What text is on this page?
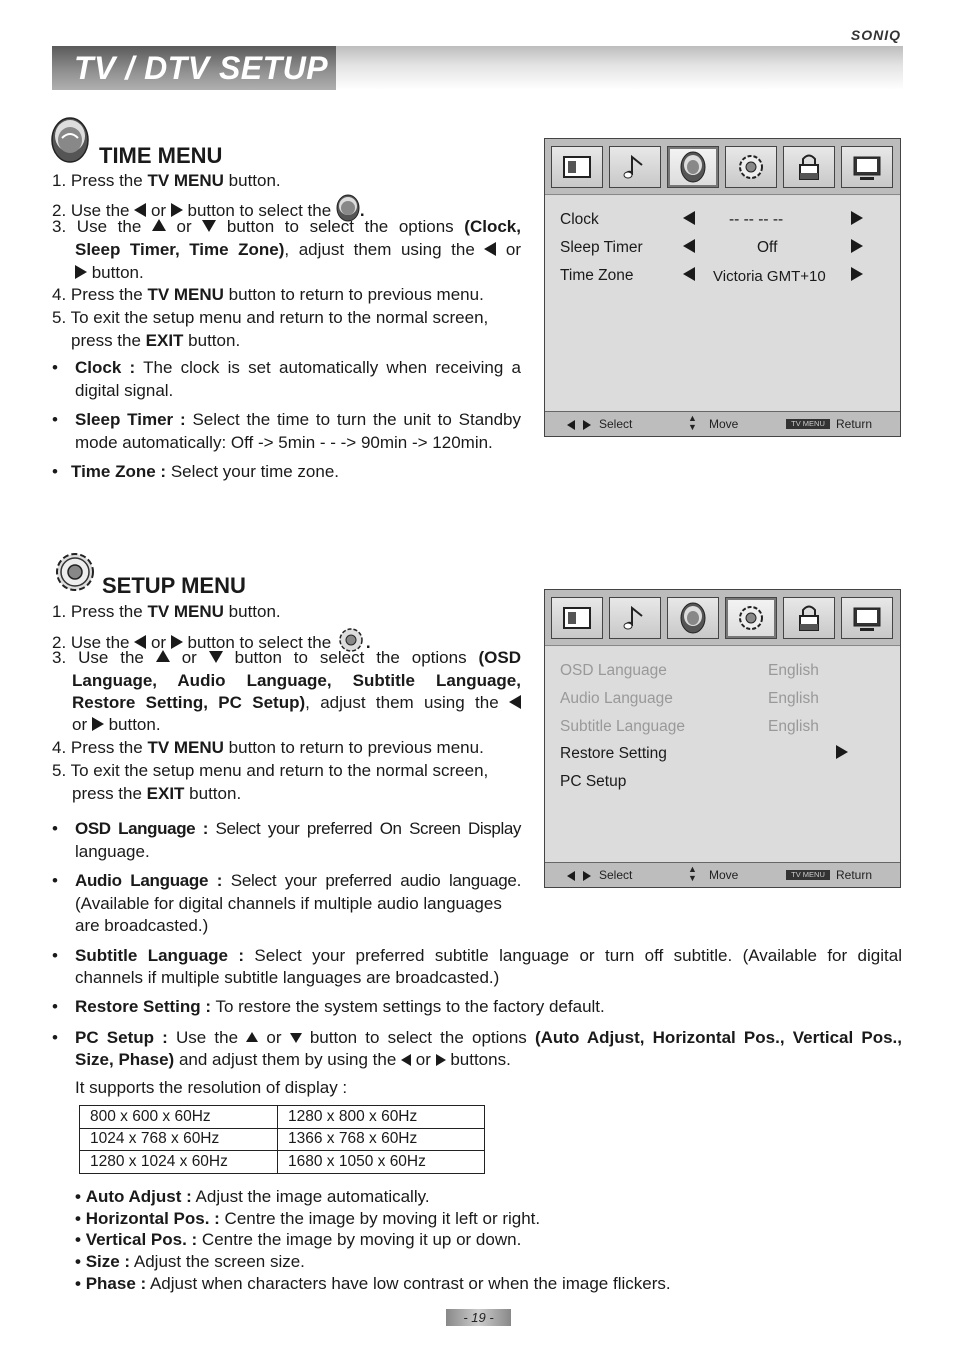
SONIQ
TV / DTV SETUP
TIME MENU
1. Press the TV MENU button.
2. Use the  or  button to select the .
3. Use the  or  button to select the options (Clock,
Sleep Timer, Time Zone), adjust them using the  or
button.
4. Press the TV MENU button to return to previous menu.
5. To exit the setup menu and return to the normal screen,
press the EXIT button.
• Clock : The clock is set automatically when receiving a
digital signal.
• Sleep Timer : Select the time to turn the unit to Standby
mode automatically: Off -> 5min - - -> 90min -> 120min.
• Time Zone : Select your time zone.
Clock	-- -- -- --
Sleep Timer	Off
Time Zone	Victoria GMT+10
Select	▲
▼ Move	TV MENU Return
SETUP MENU
1. Press the TV MENU button.
2. Use the  or  button to select the .
3. Use the  or  button to select the options (OSD
Language, Audio Language, Subtitle Language,
Restore Setting, PC Setup), adjust them using the
or  button.
4. Press the TV MENU button to return to previous menu.
5. To exit the setup menu and return to the normal screen,
press the EXIT button.
• OSD Language : Select your preferred On Screen Display
language.
• Audio Language : Select your preferred audio language.
(Available for digital channels if multiple audio languages
are broadcasted.)
• Subtitle Language : Select your preferred subtitle language or turn off subtitle. (Available for digital
channels if multiple subtitle languages are broadcasted.)
• Restore Setting : To restore the system settings to the factory default.
• PC Setup : Use the  or  button to select the options (Auto Adjust, Horizontal Pos., Vertical Pos.,
Size, Phase) and adjust them by using the  or  buttons.
It supports the resolution of display :
800 x 600 x 60Hz	1280 x 800 x 60Hz
1024 x 768 x 60Hz	1366 x 768 x 60Hz
1280 x 1024 x 60Hz	1680 x 1050 x 60Hz
• Auto Adjust : Adjust the image automatically.
• Horizontal Pos. : Centre the image by moving it left or right.
• Vertical Pos. : Centre the image by moving it up or down.
• Size : Adjust the screen size.
• Phase : Adjust when characters have low contrast or when the image flickers.
OSD Language	English
Audio Language	English
Subtitle Language	English
Restore Setting
PC Setup
Select	▲
▼ Move	TV MENU Return
- 19 -
